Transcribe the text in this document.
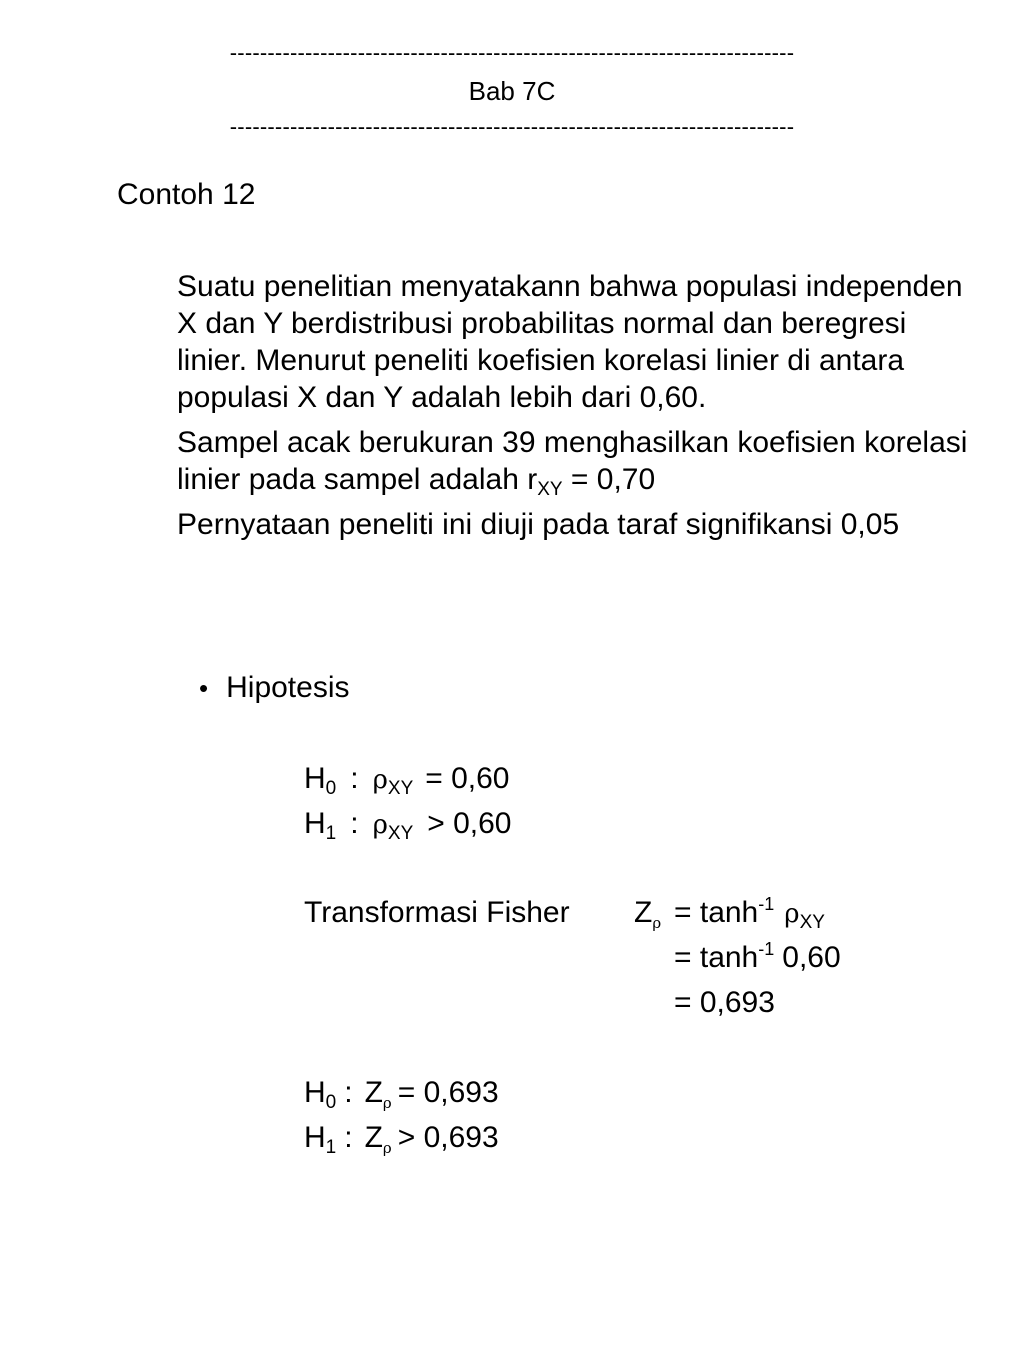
---------------------------------------------------------------------------
Bab 7C
---------------------------------------------------------------------------
Contoh 12

Suatu penelitian menyatakann bahwa populasi independen X dan Y berdistribusi probabilitas normal dan beregresi linier. Menurut peneliti koefisien korelasi linier di antara populasi X dan Y adalah lebih dari 0,60.

Sampel acak berukuran 39 menghasilkan koefisien korelasi linier pada sampel adalah $r_{XY} = 0,70$

Pernyataan peneliti ini diuji pada taraf signifikansi 0,05

• Hipotesis
$H_0$ : $\rho_{XY} = 0,60$
$H_1$ : $\rho_{XY} > 0,60$
Transformasi Fisher $Z_\rho = \tanh^{-1} \rho_{XY}$
= $\tanh^{-1} 0,60$
= 0,693
$H_0$ : $Z_\rho = 0,693$
$H_1$ : $Z_\rho > 0,693$
